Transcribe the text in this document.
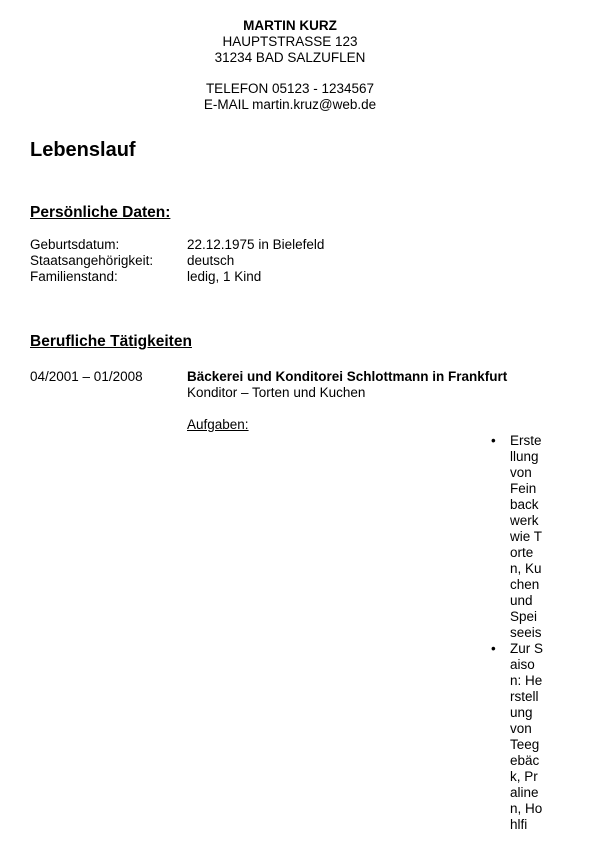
MARTIN KURZ
HAUPTSTRASSE 123
31234 BAD SALZUFLEN
TELEFON 05123 - 1234567
E-MAIL martin.kruz@web.de
Lebenslauf
Persönliche Daten:
Geburtsdatum:	22.12.1975 in Bielefeld
Staatsangehörigkeit:	deutsch
Familienstand:	ledig, 1 Kind
Berufliche Tätigkeiten
04/2001 – 01/2008	Bäckerei und Konditorei Schlottmann in Frankfurt
Konditor – Torten und Kuchen
Aufgaben:
• Erstellung von Feinbackwerk wie Torten, Kuchen und Speiseeis
• Zur Saison: Herstellung von Teegebäck, Pralinen, Hohlfi
